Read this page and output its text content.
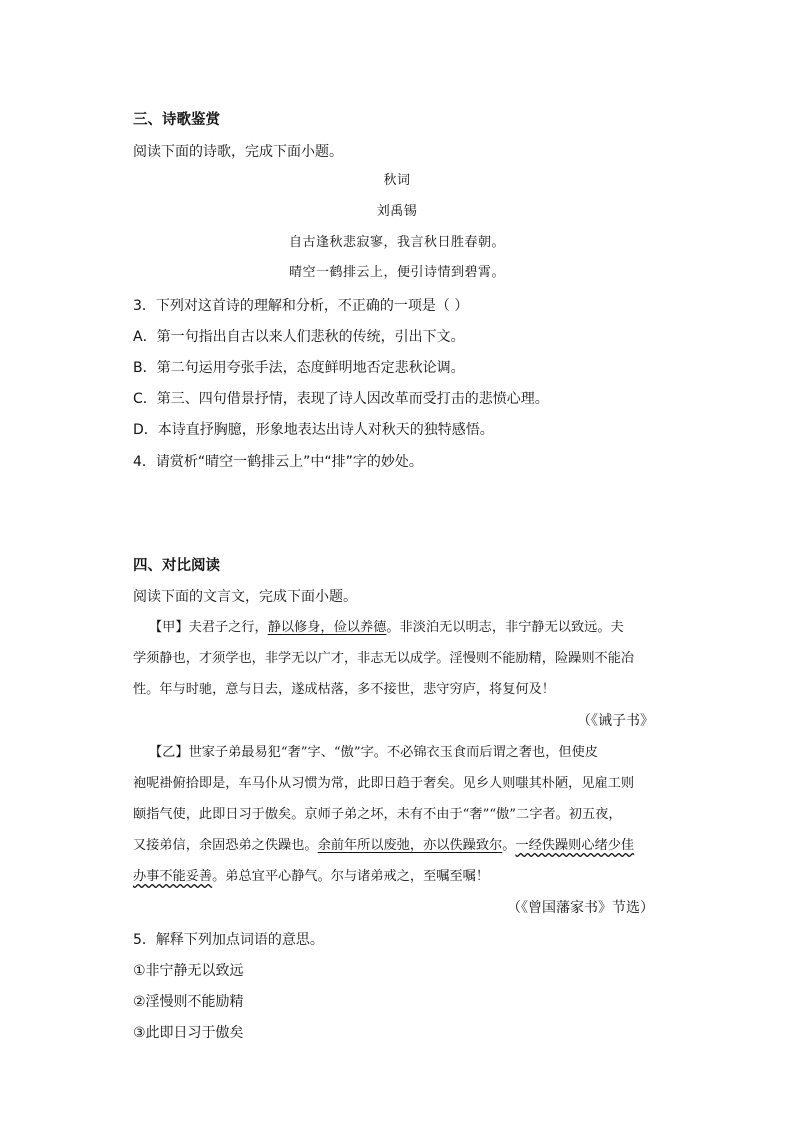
三、诗歌鉴赏
阅读下面的诗歌，完成下面小题。
秋词
刘禹锡
自古逢秋悲寂寥，我言秋日胜春朝。
晴空一鹤排云上，便引诗情到碧霄。
3．下列对这首诗的理解和分析，不正确的一项是（ ）
A．第一句指出自古以来人们悲秋的传统，引出下文。
B．第二句运用夸张手法，态度鲜明地否定悲秋论调。
C．第三、四句借景抒情，表现了诗人因改革而受打击的悲愤心理。
D．本诗直抒胸臆，形象地表达出诗人对秋天的独特感悟。
4．请赏析“晴空一鹤排云上”中“排”字的妙处。
四、对比阅读
阅读下面的文言文，完成下面小题。
【甲】夫君子之行，静以修身，俭以养德。非淡泊无以明志，非宁静无以致远。夫
学须静也，才须学也，非学无以广才，非志无以成学。淫慢则不能励精，险躁则不能冶
性。年与时驰，意与日去，遂成枯落，多不接世，悲守穷庐，将复何及！
（《诫子书》
【乙】世家子弟最易犯“奢”字、“傲”字。不必锦衣玉食而后谓之奢也，但使皮
袍呢褂俯拾即是，车马仆从习惯为常，此即日趋于奢矣。见乡人则嗤其朴陋，见雇工则
颐指气使，此即日习于傲矣。京师子弟之坏，未有不由于“奢”“傲”二字者。初五夜，
又接弟信，余固恐弟之佚躁也。余前年所以废弛，亦以佚躁致尔。一经佚躁则心绪少佳
办事不能妥善。弟总宜平心静气。尔与诸弟戒之，至嘱至嘱！
（《曾国藩家书》节选）
5．解释下列加点词语的意思。
①非宁静无以致远
②淫慢则不能励精
③此即日习于傲矣
